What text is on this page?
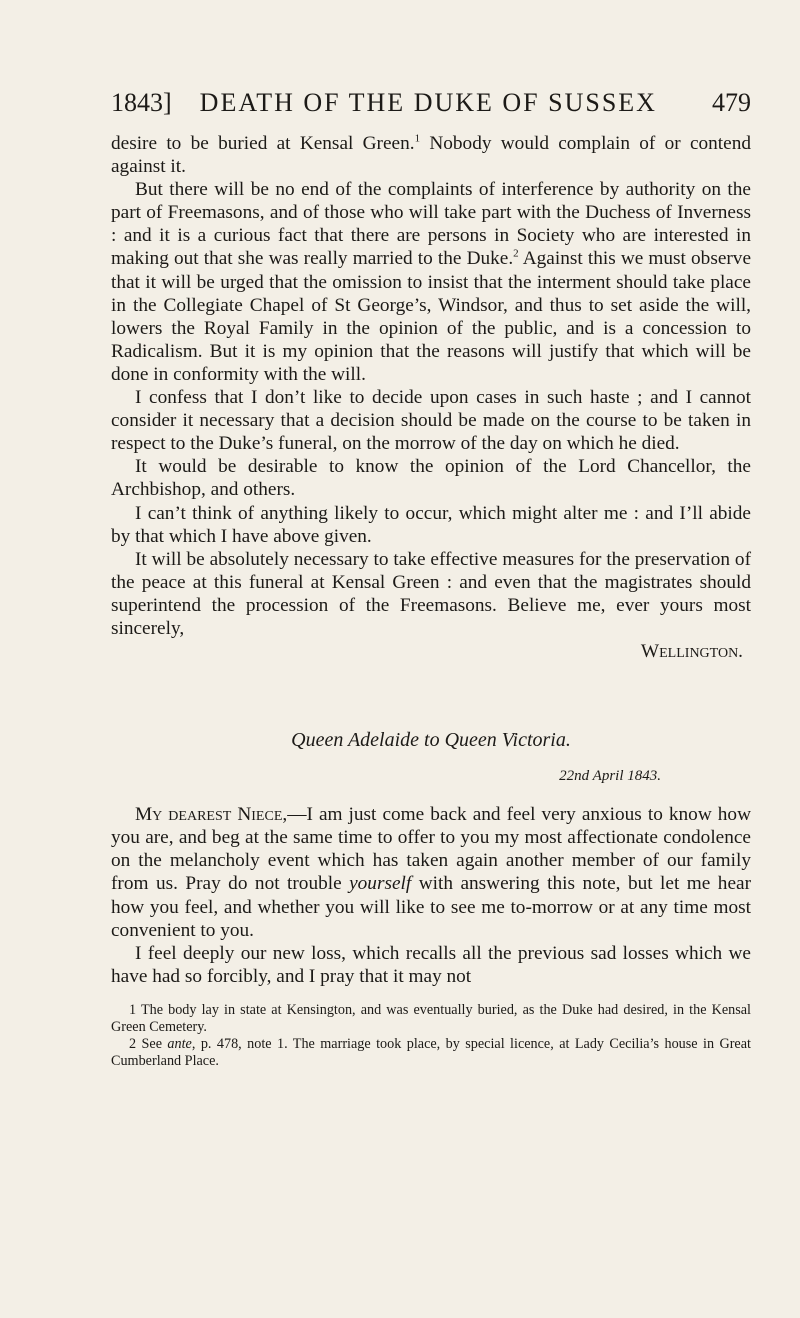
1843] DEATH OF THE DUKE OF SUSSEX	479

desire to be buried at Kensal Green.$^1$ Nobody would complain of or contend against it.

But there will be no end of the complaints of interference by authority on the part of Freemasons, and of those who will take part with the Duchess of Inverness : and it is a curious fact that there are persons in Society who are interested in making out that she was really married to the Duke.$^2$ Against this we must observe that it will be urged that the omission to insist that the interment should take place in the Collegiate Chapel of St George’s, Windsor, and thus to set aside the will, lowers the Royal Family in the opinion of the public, and is a concession to Radicalism. But it is my opinion that the reasons will justify that which will be done in conformity with the will.

I confess that I don’t like to decide upon cases in such haste ; and I cannot consider it necessary that a decision should be made on the course to be taken in respect to the Duke’s funeral, on the morrow of the day on which he died.

It would be desirable to know the opinion of the Lord Chancellor, the Archbishop, and others.

I can’t think of anything likely to occur, which might alter me : and I’ll abide by that which I have above given.

It will be absolutely necessary to take effective measures for the preservation of the peace at this funeral at Kensal Green : and even that the magistrates should superintend the procession of the Freemasons. Believe me, ever yours most sincerely,

Wellington.

Queen Adelaide to Queen Victoria.
22nd April 1843.

My dearest Niece,—I am just come back and feel very anxious to know how you are, and beg at the same time to offer to you my most affectionate condolence on the melancholy event which has taken again another member of our family from us. Pray do not trouble yourself with answering this note, but let me hear how you feel, and whether you will like to see me to-morrow or at any time most convenient to you.

I feel deeply our new loss, which recalls all the previous sad losses which we have had so forcibly, and I pray that it may not

1 The body lay in state at Kensington, and was eventually buried, as the Duke had desired, in the Kensal Green Cemetery.

2 See ante, p. 478, note 1. The marriage took place, by special licence, at Lady Cecilia’s house in Great Cumberland Place.
